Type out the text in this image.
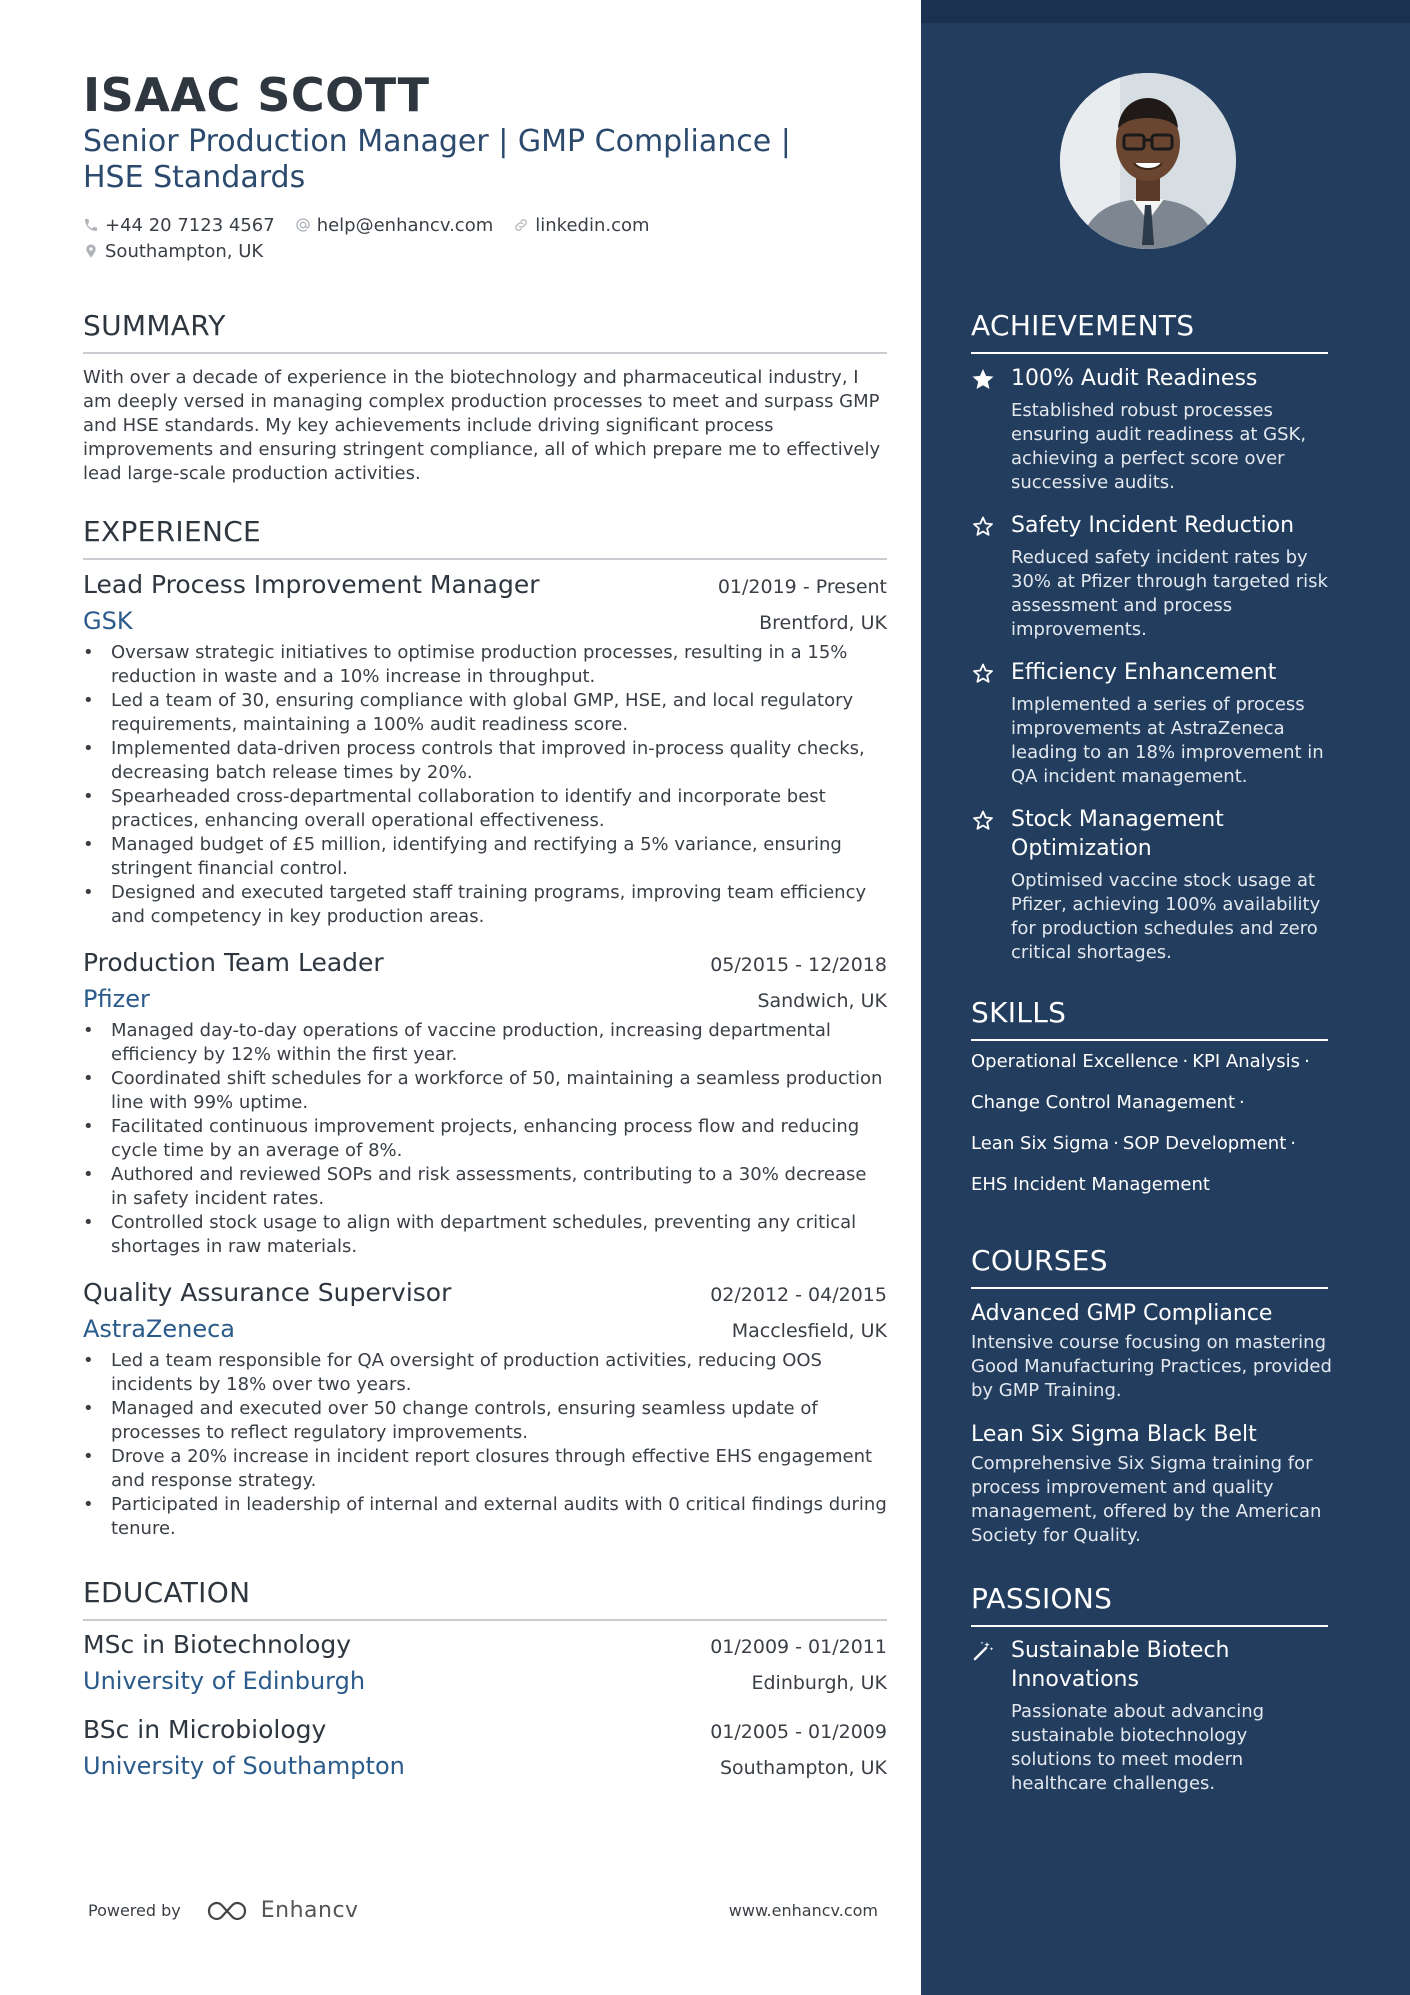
ISAAC SCOTT
Senior Production Manager | GMP Compliance | HSE Standards
+44 20 7123 4567 help@enhancv.com linkedin.com
Southampton, UK
SUMMARY
With over a decade of experience in the biotechnology and pharmaceutical industry, I am deeply versed in managing complex production processes to meet and surpass GMP and HSE standards. My key achievements include driving significant process improvements and ensuring stringent compliance, all of which prepare me to effectively lead large-scale production activities.
EXPERIENCE
Lead Process Improvement Manager	01/2019 - Present
GSK	Brentford, UK
• Oversaw strategic initiatives to optimise production processes, resulting in a 15% reduction in waste and a 10% increase in throughput.
• Led a team of 30, ensuring compliance with global GMP, HSE, and local regulatory requirements, maintaining a 100% audit readiness score.
• Implemented data-driven process controls that improved in-process quality checks, decreasing batch release times by 20%.
• Spearheaded cross-departmental collaboration to identify and incorporate best practices, enhancing overall operational effectiveness.
• Managed budget of £5 million, identifying and rectifying a 5% variance, ensuring stringent financial control.
• Designed and executed targeted staff training programs, improving team efficiency and competency in key production areas.
Production Team Leader	05/2015 - 12/2018
Pfizer	Sandwich, UK
• Managed day-to-day operations of vaccine production, increasing departmental efficiency by 12% within the first year.
• Coordinated shift schedules for a workforce of 50, maintaining a seamless production line with 99% uptime.
• Facilitated continuous improvement projects, enhancing process flow and reducing cycle time by an average of 8%.
• Authored and reviewed SOPs and risk assessments, contributing to a 30% decrease in safety incident rates.
• Controlled stock usage to align with department schedules, preventing any critical shortages in raw materials.
Quality Assurance Supervisor	02/2012 - 04/2015
AstraZeneca	Macclesfield, UK
• Led a team responsible for QA oversight of production activities, reducing OOS incidents by 18% over two years.
• Managed and executed over 50 change controls, ensuring seamless update of processes to reflect regulatory improvements.
• Drove a 20% increase in incident report closures through effective EHS engagement and response strategy.
• Participated in leadership of internal and external audits with 0 critical findings during tenure.
EDUCATION
MSc in Biotechnology	01/2009 - 01/2011
University of Edinburgh	Edinburgh, UK
BSc in Microbiology	01/2005 - 01/2009
University of Southampton	Southampton, UK
Powered by	Enhancv	www.enhancv.com
ACHIEVEMENTS
100% Audit Readiness
Established robust processes ensuring audit readiness at GSK, achieving a perfect score over successive audits.
Safety Incident Reduction
Reduced safety incident rates by 30% at Pfizer through targeted risk assessment and process improvements.
Efficiency Enhancement
Implemented a series of process improvements at AstraZeneca leading to an 18% improvement in QA incident management.
Stock Management Optimization
Optimised vaccine stock usage at Pfizer, achieving 100% availability for production schedules and zero critical shortages.
SKILLS
Operational Excellence · KPI Analysis ·
Change Control Management ·
Lean Six Sigma · SOP Development ·
EHS Incident Management
COURSES
Advanced GMP Compliance
Intensive course focusing on mastering Good Manufacturing Practices, provided by GMP Training.
Lean Six Sigma Black Belt
Comprehensive Six Sigma training for process improvement and quality management, offered by the American Society for Quality.
PASSIONS
Sustainable Biotech Innovations
Passionate about advancing sustainable biotechnology solutions to meet modern healthcare challenges.
